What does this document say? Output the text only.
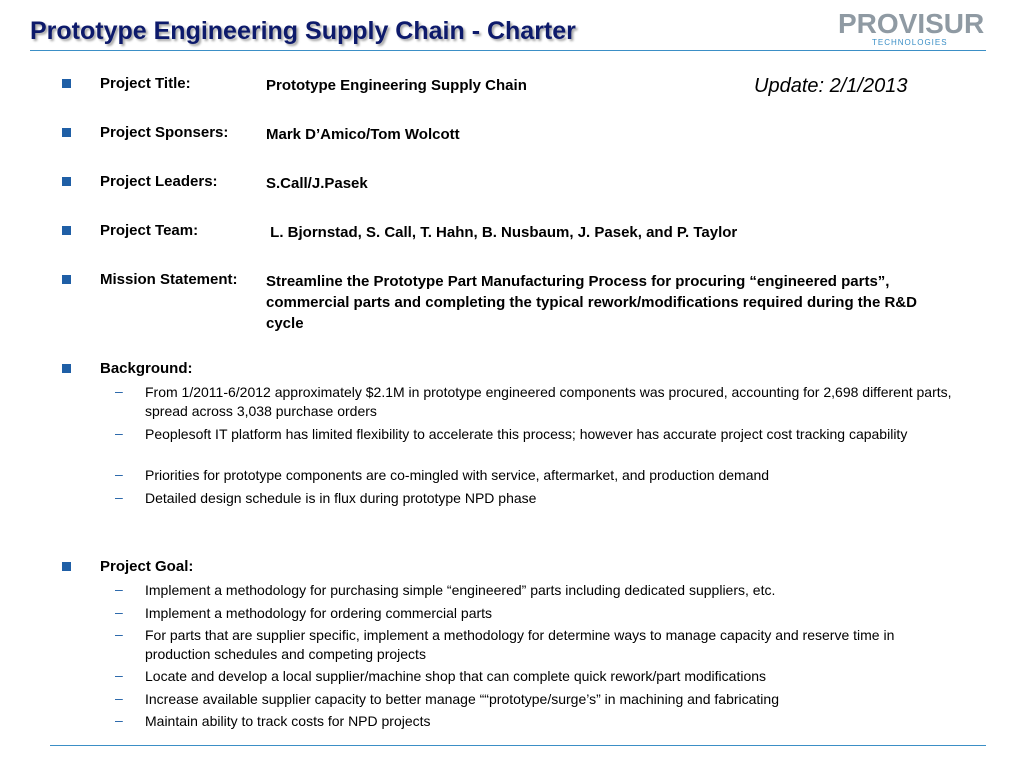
Prototype Engineering Supply Chain - Charter	PROVISUR
TECHNOLOGIES
Update: 2/1/2013
Project Title:	Prototype Engineering Supply Chain
Project Sponsers:	Mark D’Amico/Tom Wolcott
Project Leaders:	S.Call/J.Pasek
Project Team:	L. Bjornstad, S. Call, T. Hahn, B. Nusbaum, J. Pasek, and P. Taylor
Mission Statement: Streamline the Prototype Part Manufacturing Process for procuring “engineered parts”, commercial parts and completing the typical rework/modifications required during the R&D cycle
Background:
– From 1/2011-6/2012 approximately $2.1M in prototype engineered components was procured, accounting for 2,698 different parts, spread across 3,038 purchase orders
– Peoplesoft IT platform has limited flexibility to accelerate this process; however has accurate project cost tracking capability
– Priorities for prototype components are co-mingled with service, aftermarket, and production demand
– Detailed design schedule is in flux during prototype NPD phase
Project Goal:
– Implement a methodology for purchasing simple “engineered” parts including dedicated suppliers, etc.
– Implement a methodology for ordering commercial parts
– For parts that are supplier specific, implement a methodology for determine ways to manage capacity and reserve time in production schedules and competing projects
– Locate and develop a local supplier/machine shop that can complete quick rework/part modifications
– Increase available supplier capacity to better manage ““prototype/surge’s” in machining and fabricating
– Maintain ability to track costs for NPD projects
